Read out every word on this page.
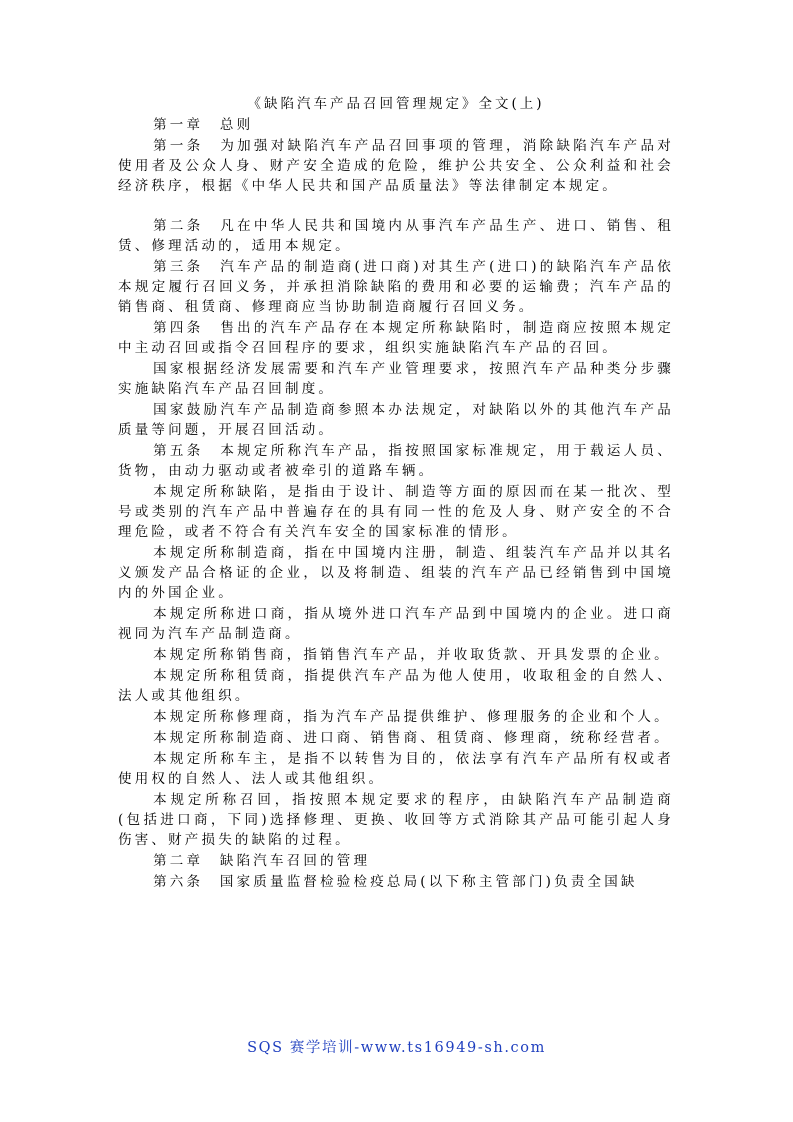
《缺陷汽车产品召回管理规定》全文(上)
第一章　总则
第一条　为加强对缺陷汽车产品召回事项的管理，消除缺陷汽车产品对使用者及公众人身、财产安全造成的危险，维护公共安全、公众利益和社会经济秩序，根据《中华人民共和国产品质量法》等法律制定本规定。
第二条　凡在中华人民共和国境内从事汽车产品生产、进口、销售、租赁、修理活动的，适用本规定。
第三条　汽车产品的制造商(进口商)对其生产(进口)的缺陷汽车产品依本规定履行召回义务，并承担消除缺陷的费用和必要的运输费；汽车产品的销售商、租赁商、修理商应当协助制造商履行召回义务。
第四条　售出的汽车产品存在本规定所称缺陷时，制造商应按照本规定中主动召回或指令召回程序的要求，组织实施缺陷汽车产品的召回。
国家根据经济发展需要和汽车产业管理要求，按照汽车产品种类分步骤实施缺陷汽车产品召回制度。
国家鼓励汽车产品制造商参照本办法规定，对缺陷以外的其他汽车产品质量等问题，开展召回活动。
第五条　本规定所称汽车产品，指按照国家标准规定，用于载运人员、货物，由动力驱动或者被牵引的道路车辆。
本规定所称缺陷，是指由于设计、制造等方面的原因而在某一批次、型号或类别的汽车产品中普遍存在的具有同一性的危及人身、财产安全的不合理危险，或者不符合有关汽车安全的国家标准的情形。
本规定所称制造商，指在中国境内注册，制造、组装汽车产品并以其名义颁发产品合格证的企业，以及将制造、组装的汽车产品已经销售到中国境内的外国企业。
本规定所称进口商，指从境外进口汽车产品到中国境内的企业。进口商视同为汽车产品制造商。
本规定所称销售商，指销售汽车产品，并收取货款、开具发票的企业。
本规定所称租赁商，指提供汽车产品为他人使用，收取租金的自然人、法人或其他组织。
本规定所称修理商，指为汽车产品提供维护、修理服务的企业和个人。
本规定所称制造商、进口商、销售商、租赁商、修理商，统称经营者。
本规定所称车主，是指不以转售为目的，依法享有汽车产品所有权或者使用权的自然人、法人或其他组织。
本规定所称召回，指按照本规定要求的程序，由缺陷汽车产品制造商(包括进口商，下同)选择修理、更换、收回等方式消除其产品可能引起人身伤害、财产损失的缺陷的过程。
第二章　缺陷汽车召回的管理
第六条　国家质量监督检验检疫总局(以下称主管部门)负责全国缺
SQS 赛学培训-www.ts16949-sh.com
